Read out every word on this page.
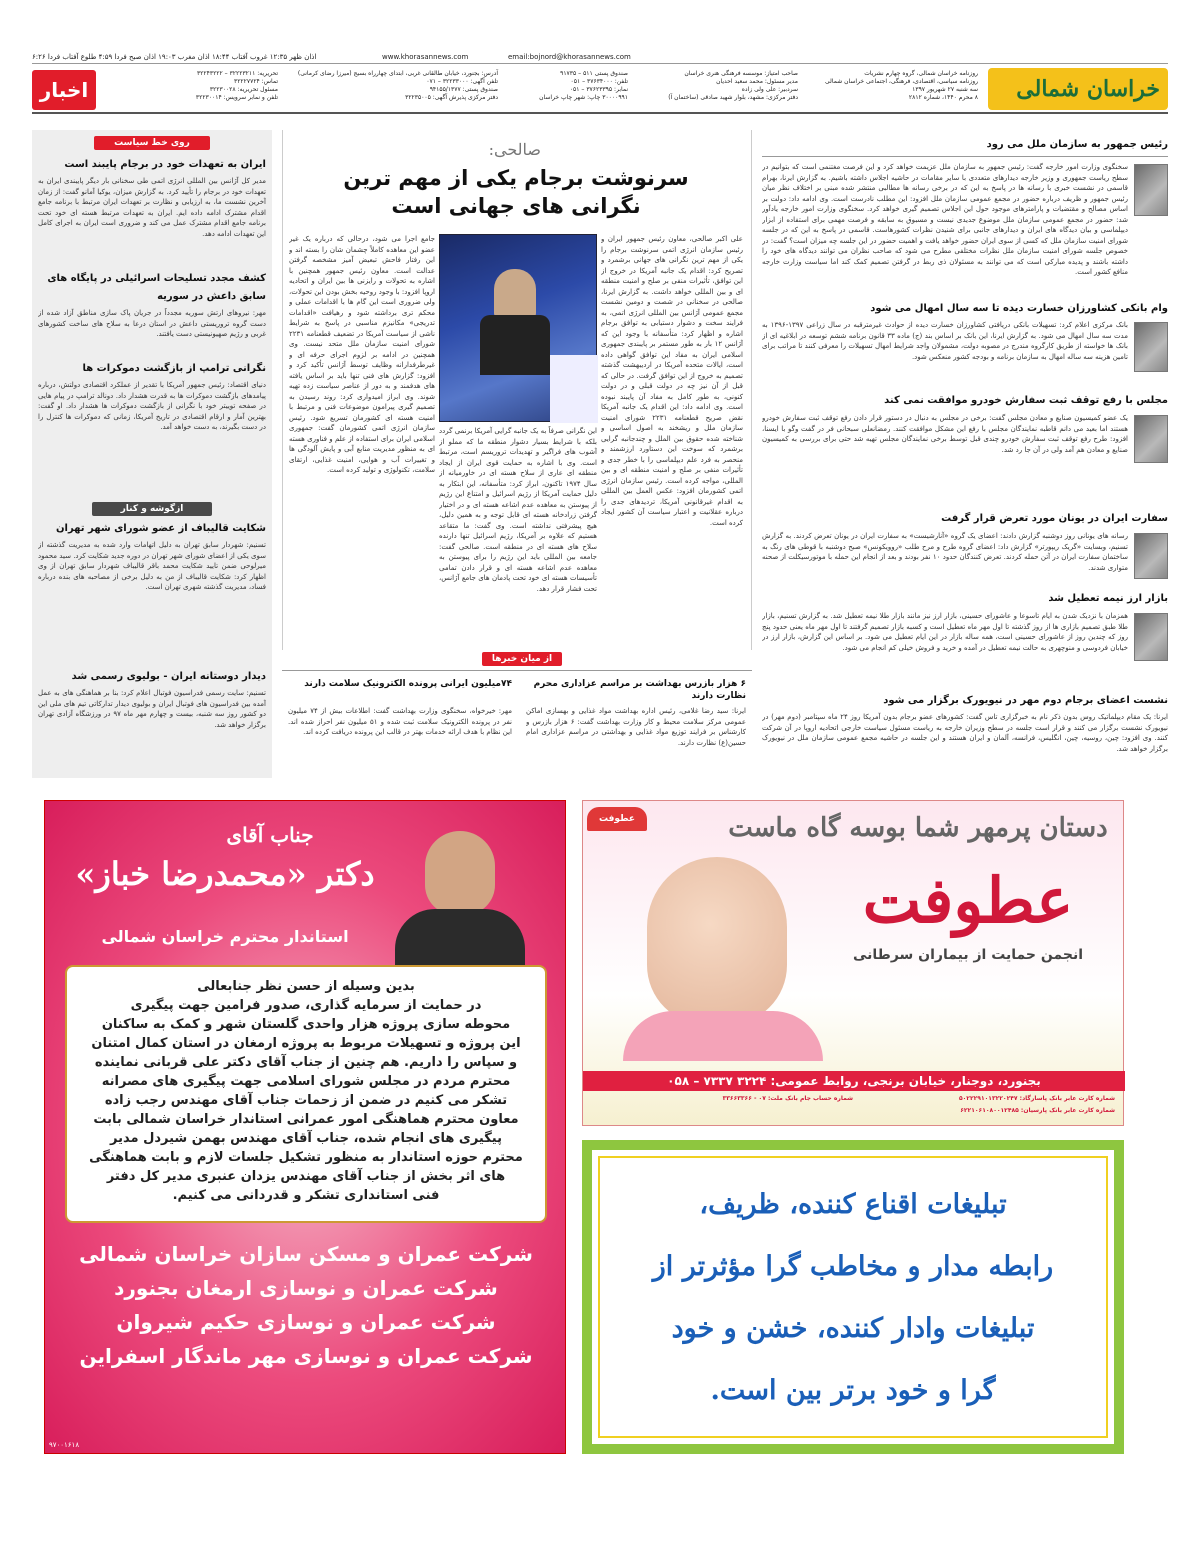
اذان ظهر ۱۲:۳۵ غروب آفتاب ۱۸:۴۴ اذان مغرب ۱۹:۰۳ اذان صبح فردا ۴:۵۹ طلوع آفتاب فردا ۶:۲۶	www.khorasannews.com	email:bojnord@khorasannews.com
خراسان شمالی
روزنامه خراسان شمالی، گروه چهارم نشریات
روزنامه سیاسی، اقتصادی، فرهنگی، اجتماعی خراسان شمالی
سه شنبه ۲۷ شهریور ۱۳۹۷
۸ محرم ۱۴۴۰، شماره ۲۸۱۲
صاحب امتیاز: موسسه فرهنگی هنری خراسان
مدیر مسئول: محمد سعید احدیان
سردبیر: علی ولی زاده
دفتر مرکزی: مشهد، بلوار شهید صادقی (ساختمان آ)
صندوق پستی ۵۱۱ – ۹۱۷۳۵
تلفن: ۳۷۶۳۴۰۰۰ – ۰۵۱
نمابر: ۳۷۶۲۳۳۹۵ – ۰۵۱
۳۰۰۰۰۹۹۱ چاپ: شهر چاپ خراسان
آدرس: بجنورد، خیابان طالقانی غربی، ابتدای چهارراه بسیج (میرزا رضای کرمانی)
تلفن آگهی: ۳۲۲۳۳۰۰۰ – ۰۷۱
صندوق پستی: ۹۴۱۵۵/۱۳۷۷
دفتر مرکزی پذیرش آگهی: ۳۲۲۳۵۰۰۵
تحریریه: ۳۲۲۲۳۲۱۱ – ۳۲۲۴۳۲۲۲
تماس: ۳۲۲۲۷۷۲۴
مسئول تحریریه: ۳۲۲۳۰۰۲۸
تلفن و نمابر سرویس: ۳۲۲۳۰۰۱۴
اخبار
رئیس جمهور به سازمان ملل می رود
سخنگوی وزارت امور خارجه گفت: رئیس جمهور به سازمان ملل عزیمت خواهد کرد و این فرصت مغتنمی است که بتوانیم در سطح ریاست جمهوری و وزیر خارجه دیدارهای متعددی با سایر مقامات در حاشیه اجلاس داشته باشیم. به گزارش ایرنا، بهرام قاسمی در نشست خبری با رسانه ها در پاسخ به این که در برخی رسانه ها مطالبی منتشر شده مبنی بر اختلاف نظر میان رئیس جمهور و ظریف درباره حضور در مجمع عمومی سازمان ملل افزود: این مطلب نادرست است. وی ادامه داد: دولت بر اساس مصالح و مقتضیات و پارامترهای موجود حول این اجلاس تصمیم گیری خواهد کرد. سخنگوی وزارت امور خارجه یادآور شد: حضور در مجمع عمومی سازمان ملل موضوع جدیدی نیست و مسبوق به سابقه و فرصت مهمی برای استفاده از ابزار دیپلماسی و بیان دیدگاه های ایران و دیدارهای جانبی برای شنیدن نظرات کشورهاست. قاسمی در پاسخ به این که در جلسه شورای امنیت سازمان ملل که کسی از سوی ایران حضور خواهد یافت و اهمیت حضور در این جلسه چه میزان است؟ گفت: در خصوص جلسه شورای امنیت سازمان ملل نظرات مختلفی مطرح می شود که صاحب نظران می توانند دیدگاه های خود را داشته باشند و پدیده مبارکی است که می توانند به مسئولان ذی ربط در گرفتن تصمیم کمک کند اما سیاست وزارت خارجه منافع کشور است.
وام بانکی کشاورزان خسارت دیده تا سه سال امهال می شود
بانک مرکزی اعلام کرد: تسهیلات بانکی دریافتی کشاورزان خسارت دیده از حوادث غیرمترقبه در سال زراعی ۱۳۹۷-۱۳۹۶ به مدت سه سال امهال می شود. به گزارش ایرنا، این بانک بر اساس بند (ج) ماده ۳۳ قانون برنامه ششم توسعه در ابلاغیه ای از بانک ها خواسته از طریق کارگروه مندرج در مصوبه دولت، مشمولان واجد شرایط امهال تسهیلات را معرفی کنند تا مراتب برای تامین هزینه سه ساله امهال به سازمان برنامه و بودجه کشور منعکس شود.
مجلس با رفع توقف ثبت سفارش خودرو موافقت نمی کند
یک عضو کمیسیون صنایع و معادن مجلس گفت: برخی در مجلس به دنبال در دستور قرار دادن رفع توقف ثبت سفارش خودرو هستند اما بعید می دانم قاطبه نمایندگان مجلس با رفع این مشکل موافقت کنند. رمضانعلی سبحانی فر در گفت وگو با ایسنا، افزود: طرح رفع توقف ثبت سفارش خودرو چندی قبل توسط برخی نمایندگان مجلس تهیه شد حتی برای بررسی به کمیسیون صنایع و معادن هم آمد ولی در آن جا رد شد.
سفارت ایران در یونان مورد تعرض قرار گرفت
رسانه های یونانی روز دوشنبه گزارش دادند: اعضای یک گروه «آنارشیست» به سفارت ایران در یونان تعرض کردند. به گزارش تسنیم، وبسایت «گریک ریپورتر» گزارش داد: اعضای گروه طرح و مرح طلب «روویکونس» صبح دوشنبه با قوطی های رنگ به ساختمان سفارت ایران در آتن حمله کردند. تعرض کنندگان حدود ۱۰ نفر بودند و بعد از انجام این حمله با موتورسیکلت از صحنه متواری شدند.
بازار ارز نیمه تعطیل شد
همزمان با نزدیک شدن به ایام تاسوعا و عاشورای حسینی، بازار ارز نیز مانند بازار طلا نیمه تعطیل شد. به گزارش تسنیم، بازار طلا طبق تصمیم بازاری ها از روز گذشته تا اول مهر ماه تعطیل است و کسبه بازار تصمیم گرفتند تا اول مهر ماه یعنی حدود پنج روز که چندین روز از عاشورای حسینی است، همه ساله بازار در این ایام تعطیل می شود. بر اساس این گزارش، بازار ارز در خیابان فردوسی و منوچهری به حالت نیمه تعطیل در آمده و خرید و فروش خیلی کم انجام می شود.
نشست اعضای برجام دوم مهر در نیویورک برگزار می شود
ایرنا: یک مقام دیپلماتیک روس بدون ذکر نام به خبرگزاری تاس گفت: کشورهای عضو برجام بدون آمریکا روز ۲۴ ماه سپتامبر (دوم مهر) در نیویورک نشست برگزار می کنند و قرار است جلسه در سطح وزیران خارجه به ریاست مسئول سیاست خارجی اتحادیه اروپا در آن شرکت کنند. وی افزود: چین، روسیه، چین، انگلیس، فرانسه، آلمان و ایران هستند و این جلسه در حاشیه مجمع عمومی سازمان ملل در نیویورک برگزار خواهد شد.
صالحی:
سرنوشت برجام یکی از مهم ترین نگرانی های جهانی است
علی اکبر صالحی، معاون رئیس جمهور ایران و رئیس سازمان انرژی اتمی سرنوشت برجام را یکی از مهم ترین نگرانی های جهانی برشمرد و تصریح کرد: اقدام یک جانبه آمریکا در خروج از این توافق، تأثیرات منفی بر صلح و امنیت منطقه ای و بین المللی خواهد داشت. به گزارش ایرنا، صالحی در سخنانی در شصت و دومین نشست مجمع عمومی آژانس بین المللی انرژی اتمی، به فرایند سخت و دشوار دستیابی به توافق برجام اشاره و اظهار کرد: متأسفانه با وجود این که آژانس ۱۲ بار به طور مستمر بر پایبندی جمهوری اسلامی ایران به مفاد این توافق گواهی داده است، ایالات متحده آمریکا در اردیبهشت گذشته تصمیم به خروج از این توافق گرفت. در حالی که قبل از آن نیز چه در دولت قبلی و در دولت کنونی، به طور کامل به مفاد آن پایبند نبوده است. وی ادامه داد: این اقدام یک جانبه آمریکا نقض صریح قطعنامه ۲۲۳۱ شورای امنیت سازمان ملل و ریشخند به اصول اساسی و شناخته شده حقوق بین الملل و چندجانبه گرایی برشمرد که سوخت این دستاورد ارزشمند و منحصر به فرد علم دیپلماسی را با خطر جدی و تأثیرات منفی بر صلح و امنیت منطقه ای و بین المللی، مواجه کرده است. رئیس سازمان انرژی اتمی کشورمان افزود: عکس العمل بین المللی به اقدام غیرقانونی آمریکا، تردیدهای جدی را درباره عقلانیت و اعتبار سیاست آن کشور ایجاد کرده است.

این نگرانی صرفاً به یک جانبه گرایی آمریکا برنمی گردد بلکه با شرایط بسیار دشوار منطقه ما که مملو از آشوب های فراگیر و تهدیدات تروریسم است، مرتبط است. وی با اشاره به حمایت قوی ایران از ایجاد منطقه ای عاری از سلاح هسته ای در خاورمیانه از سال ۱۹۷۴ تاکنون، ابراز کرد: متأسفانه، این ابتکار به دلیل حمایت آمریکا از رژیم اسرائیل و امتناع این رژیم از پیوستن به معاهده عدم اشاعه هسته ای و در اختیار گرفتن زرادخانه هسته ای قابل توجه و به همین دلیل، هیچ پیشرفتی نداشته است. وی گفت: ما متقاعد هستیم که علاوه بر آمریکا، رژیم اسرائیل تنها دارنده سلاح های هسته ای در منطقه است. صالحی گفت: جامعه بین المللی باید این رژیم را برای پیوستن به معاهده عدم اشاعه هسته ای و قرار دادن تمامی تأسیسات هسته ای خود تحت پادمان های جامع آژانس، تحت فشار قرار دهد.
جامع اجرا می شود، درحالی که درباره یک غیر عضو این معاهده کاملاً چشمان شان را بسته اند و این رفتار فاحش تبعیض آمیز مشخصه گرفتن عدالت است. معاون رئیس جمهور همچنین با اشاره به تحولات و رایزنی ها بین ایران و اتحادیه اروپا افزود: با وجود روحیه بخش بودن این تحولات، ولی ضروری است این گام ها با اقدامات عملی و محکم تری برداشته شود و رهیافت «اقدامات تدریجی» مکانیزم مناسبی در پاسخ به شرایط ناشی از سیاست آمریکا در تضعیف قطعنامه ۲۲۳۱ شورای امنیت سازمان ملل متحد نیست. وی همچنین در ادامه بر لزوم اجرای حرفه ای و غیرطرفدارانه وظایف توسط آژانس تأکید کرد و افزود: گزارش های فنی تنها باید بر اساس یافته های هدفمند و به دور از عناصر سیاست زده تهیه شوند. وی ابراز امیدواری کرد: روند رسیدن به تصمیم گیری پیرامون موضوعات فنی و مرتبط با امنیت هسته ای کشورمان تسریع شود. رئیس سازمان انرژی اتمی کشورمان گفت: جمهوری اسلامی ایران برای استفاده از علم و فناوری هسته ای به منظور مدیریت منابع آبی و پایش آلودگی ها و تغییرات آب و هوایی، امنیت غذایی، ارتقای سلامت، تکنولوژی و تولید کرده است.
از میان خبرها
۶ هزار بازرس بهداشت بر مراسم عزاداری محرم نظارت دارند
ایرنا: سید رضا غلامی، رئیس اداره بهداشت مواد غذایی و بهسازی اماکن عمومی مرکز سلامت محیط و کار وزارت بهداشت گفت: ۶ هزار بازرس و کارشناس بر فرایند توزیع مواد غذایی و بهداشتی در مراسم عزاداری امام حسین(ع) نظارت دارند.
۷۴میلیون ایرانی پرونده الکترونیک سلامت دارند
مهر: خیرخواه، سخنگوی وزارت بهداشت گفت: اطلاعات بیش از ۷۴ میلیون نفر در پرونده الکترونیک سلامت ثبت شده و ۵۱ میلیون نفر احراز شده اند. این نظام با هدف ارائه خدمات بهتر در قالب این پرونده دریافت کرده اند.
روی خط سیاست
ایران به تعهدات خود در برجام پایبند است
مدیر کل آژانس بین المللی انرژی اتمی طی سخنانی بار دیگر پایبندی ایران به تعهدات خود در برجام را تأیید کرد. به گزارش میزان، یوکیا آمانو گفت: از زمان آخرین نشست ما، به ارزیابی و نظارت بر تعهدات ایران مرتبط با برنامه جامع اقدام مشترک ادامه داده ایم. ایران به تعهدات مرتبط هسته ای خود تحت برنامه جامع اقدام مشترک عمل می کند و ضروری است ایران به اجرای کامل این تعهدات ادامه دهد.
کشف مجدد تسلیحات اسرائیلی در پایگاه های سابق داعش در سوریه
مهر: نیروهای ارتش سوریه مجدداً در جریان پاک سازی مناطق آزاد شده از دست گروه تروریستی داعش در استان درعا به سلاح های ساخت کشورهای غربی و رژیم صهیونیستی دست یافتند.
نگرانی ترامپ از بازگشت دموکرات ها
دنیای اقتصاد: رئیس جمهور آمریکا با تقدیر از عملکرد اقتصادی دولتش، درباره پیامدهای بازگشت دموکرات ها به قدرت هشدار داد. دونالد ترامپ در پیام هایی در صفحه توییتر خود با نگرانی از بازگشت دموکرات ها هشدار داد. او گفت: بهترین آمار و ارقام اقتصادی در تاریخ آمریکا، زمانی که دموکرات ها کنترل را در دست بگیرند، به دست خواهد آمد.
ازگوشه و کنار
شکایت قالیباف از عضو شورای شهر تهران
تسنیم: شهردار سابق تهران به دلیل اتهامات وارد شده به مدیریت گذشته از سوی یکی از اعضای شورای شهر تهران در دوره جدید شکایت کرد. سید محمود میرلوحی ضمن تایید شکایت محمد باقر قالیباف شهردار سابق تهران از وی اظهار کرد: شکایت قالیباف از من به دلیل برخی از مصاحبه های بنده درباره فساد، مدیریت گذشته شهری تهران است.
دیدار دوستانه ایران - بولیوی رسمی شد
تسنیم: سایت رسمی فدراسیون فوتبال اعلام کرد: بنا بر هماهنگی های به عمل آمده بین فدراسیون های فوتبال ایران و بولیوی دیدار تدارکاتی تیم های ملی این دو کشور روز سه شنبه، بیست و چهارم مهر ماه ۹۷ در ورزشگاه آزادی تهران برگزار خواهد شد.
جناب آقای
دکتر «محمدرضا خباز»
استاندار محترم خراسان شمالی
بدین وسیله از حسن نظر جنابعالی
در حمایت از سرمایه گذاری، صدور فرامین جهت پیگیری
محوطه سازی پروژه هزار واحدی گلستان شهر و کمک به ساکنان
این پروژه و تسهیلات مربوط به پروژه ارمغان در استان کمال امتنان
و سپاس را داریم. هم چنین از جناب آقای دکتر علی قربانی نماینده
محترم مردم در مجلس شورای اسلامی جهت پیگیری های مصرانه
تشکر می کنیم در ضمن از زحمات جناب آقای مهندس رجب زاده
معاون محترم هماهنگی امور عمرانی استاندار خراسان شمالی بابت
پیگیری های انجام شده، جناب آقای مهندس بهمن شیردل مدیر
محترم حوزه استاندار به منظور تشکیل جلسات لازم و بابت هماهنگی
های اثر بخش از جناب آقای مهندس یزدان عنبری مدیر کل دفتر
فنی استانداری تشکر و قدردانی می کنیم.
شرکت عمران و مسکن سازان خراسان شمالی
شرکت عمران و نوسازی ارمغان بجنورد
شرکت عمران و نوسازی حکیم شیروان
شرکت عمران و نوسازی مهر ماندگار اسفراین
۹۷۰۰۱۶۱۸
عطوفت	دستان پرمهر شما بوسه گاه ماست
عطوفت
انجمن حمایت از بیماران سرطانی
بجنورد، دوجنار، خیابان برنجی، روابط عمومی: ۳۲۲۴ ۷۳۳۷ – ۰۵۸
شماره کارت عابر بانک پاسارگاد: ۵۰۲۲۲۹۱۰۱۳۲۲۰۲۴۷
شماره کارت عابر بانک پارسیان: ۶۲۲۱۰۶۱۰۸۰۰۱۲۴۸۵
شماره حساب جام بانک ملت: ۰۷ - ۳۳۶۶۳۳۶۶
تبلیغات اقناع کننده، ظریف،
رابطه مدار و مخاطب گرا مؤثرتر از
تبلیغات وادار کننده، خشن و خود
گرا و خود برتر بین است.
